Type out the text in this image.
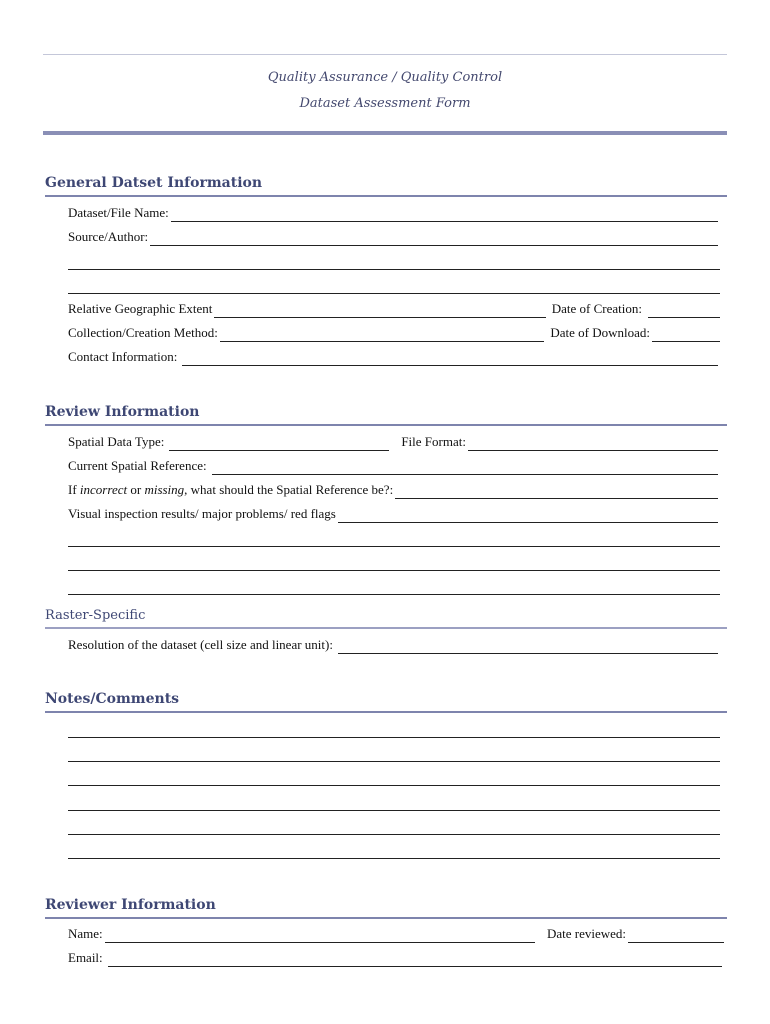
Quality Assurance / Quality Control
Dataset Assessment Form
General Datset Information
Dataset/File Name:
Source/Author:
Relative Geographic Extent	Date of Creation:
Collection/Creation Method:	Date of Download:
Contact Information:
Review Information
Spatial Data Type:	File Format:
Current Spatial Reference:
If incorrect or missing, what should the Spatial Reference be?:
Visual inspection results/ major problems/ red flags
Raster-Specific
Resolution of the dataset (cell size and linear unit):
Notes/Comments
Reviewer Information
Name:	Date reviewed:
Email:
